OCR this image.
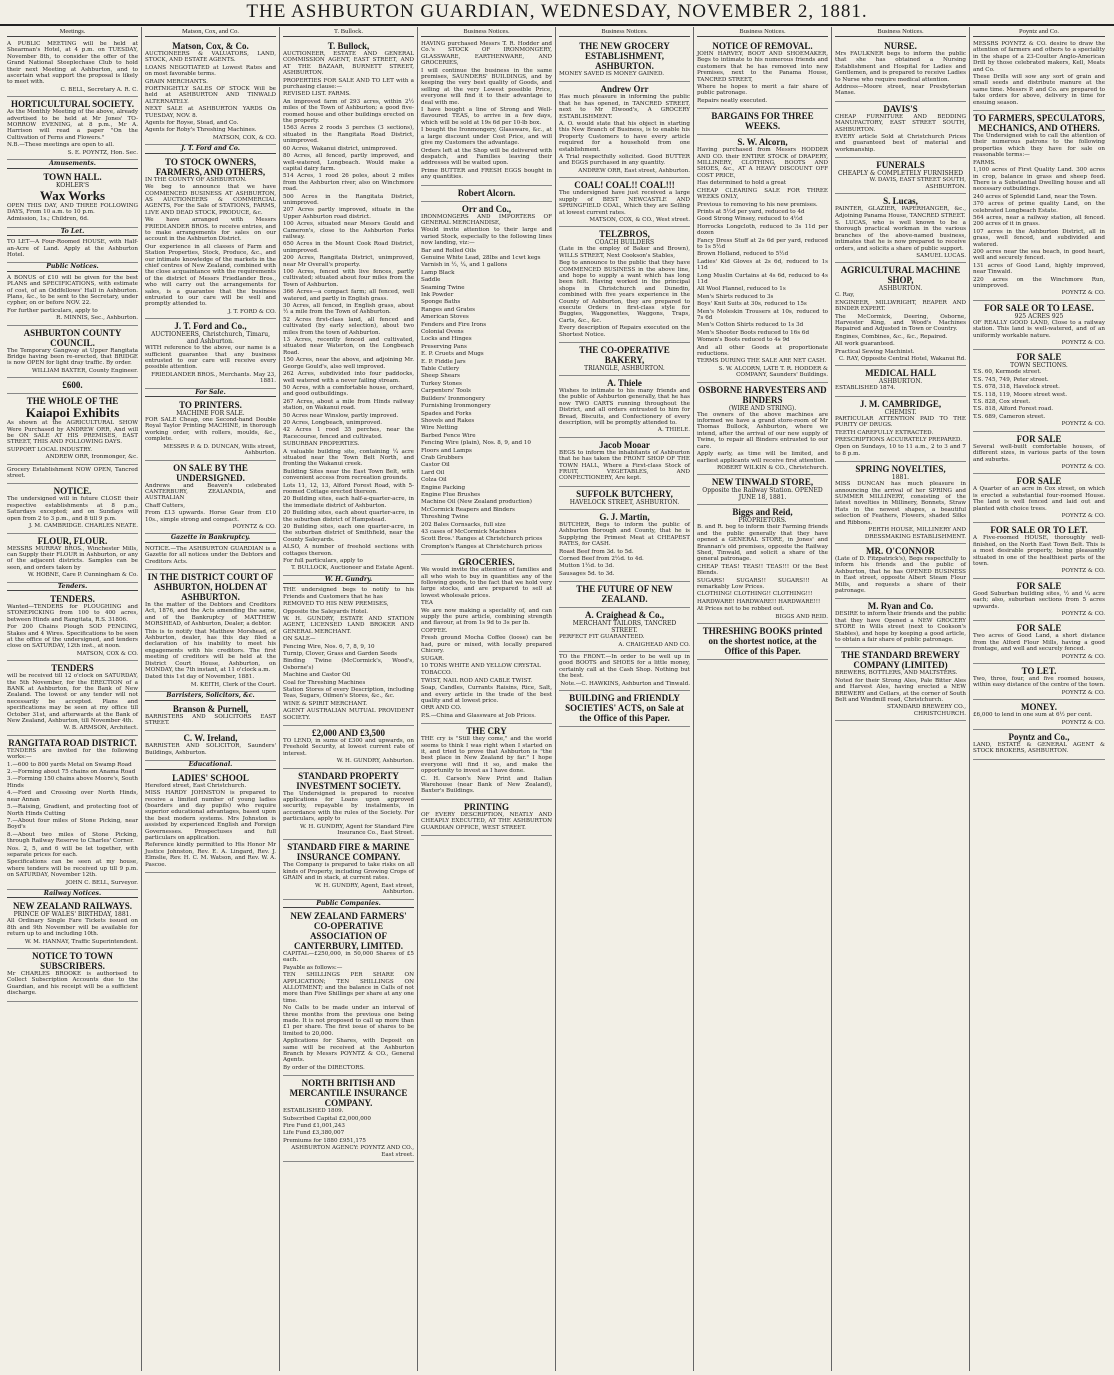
THE ASHBURTON GUARDIAN, WEDNESDAY, NOVEMBER 2, 1881.
Meetings.

A PUBLIC MEETING will be held at Shearman's Hotel, at 4 p.m. on TUESDAY, November 8th, to consider the offer of the Grand National Steeplechase Club to hold their next Meeting at Ashburton, and to ascertain what support the proposal is likely to meet with.

C. BELL, Secretary A. R. C.
HORTICULTURAL SOCIETY.

As the Monthly Meeting of the above, already advertised to be held at Mr Jones' TO-MORROW EVENING, at 8 p.m., Mr A. Harrison will read a paper "On the Cultivation of Ferns and Flowers."

N.B.—These meetings are open to all.

S. E. POYNTZ, Hon. Sec.
Amusements.
TOWN HALL.
KOHLER'S
Wax Works

OPEN THIS DAY, AND THREE FOLLOWING DAYS, From 10 a.m. to 10 p.m.

Admission, 1s.; Children, 6d.

To Let.

TO LET—A Four-Roomed HOUSE, with Half-an-Acre of Land. Apply at the Ashburton Hotel.

Public Notices.

A BONUS of £10 will be given for the best PLANS and SPECIFICATIONS, with estimate of cost, of an Oddfellows' Hall in Ashburton. Plans, &c., to be sent to the Secretary, under cypher, on or before NOV. 22.

For further particulars, apply to

R. MINNIS, Sec., Ashburton.
ASHBURTON COUNTY COUNCIL.

The Temporary Gangway at Upper Rangitata Bridge having been re-erected, that BRIDGE is now OPEN for light dray traffic. By order.

WILLIAM BAXTER, County Engineer.
£600.
THE WHOLE OF THE
Kaiapoi Exhibits

As shown at the AGRICULTURAL SHOW Were Purchased by ANDREW ORR, And will be ON SALE AT HIS PREMISES, EAST STREET, THIS AND FOLLOWING DAYS.

SUPPORT LOCAL INDUSTRY.

ANDREW ORR, Ironmonger, &c.

Grocery Establishment NOW OPEN, Tancred street.

NOTICE.

The undersigned will in future CLOSE their respective establishments at 8 p.m., Saturdays excepted; and on Sundays will open from 2 to 3 p.m., and 8 till 9 p.m.

J. M. CAMBRIDGE. CHARLES NEATE.
FLOUR, FLOUR.

MESSRS MURRAY BROS., Winchester Mills, can Supply their FLOUR in Ashburton, or any of the adjacent districts. Samples can be seen, and orders taken by

W. HOBNE, Care P. Cunningham & Co.
Tenders.
TENDERS.

Wanted—TENDERS for PLOUGHING and STONEPICKING from 100 to 400 acres, between Hinds and Rangitata, R.S. 31806.

For 200 Chains Plough SOD FENCING, Stakes and 4 Wires. Specifications to be seen at the office of the undersigned, and tenders close on SATURDAY, 12th inst., at noon.

MATSON, COX & CO.
TENDERS

will be received till 12 o'clock on SATURDAY, the 5th November, for the ERECTION of a BANK at Ashburton, for the Bank of New Zealand. The lowest or any tender will not necessarily be accepted. Plans and specifications may be seen at my office till October 31st, and afterwards at the Bank of New Zealand, Ashburton, till November 4th.

W. B. ARMSON, Architect.
RANGITATA ROAD DISTRICT.

TENDERS are invited for the following works:—

1.—600 to 800 yards Metal on Swamp Road

2.—Forming about 75 chains on Anama Road

3.—Forming 150 chains above Moore's, South Hinds

4.—Ford and Crossing over North Hinds, near Annan

5.—Raising, Gradient, and protecting foot of North Hinds Cutting

7.—About four miles of Stone Picking, near Boyd's

8.—About two miles of Stone Picking, through Railway Reserve to Charles' Corner.

Nos. 2, 5, and 6 will be let together, with separate prices for each.

Specifications can be seen at my house, where tenders will be received up till 9 p.m. on SATURDAY, November 12th.

JOHN C. BELL, Surveyor.
Railway Notices.
NEW ZEALAND RAILWAYS.
PRINCE OF WALES' BIRTHDAY, 1881.

All Ordinary Single Fare Tickets issued on 8th and 9th November will be available for return up to and including 10th.

W. M. HANNAY, Traffic Superintendent.
NOTICE TO TOWN SUBSCRIBERS.

Mr CHARLES BROOKE is authorised to Collect Subscription Accounts due to the Guardian, and his receipt will be a sufficient discharge.

Matson, Cox, and Co.
Matson, Cox, & Co.

AUCTIONEERS & VALUATORS, LAND, STOCK, AND ESTATE AGENTS.

LOANS NEGOTIATED at Lowest Rates and on most favorable terms.

GRAIN MERCHANTS.

FORTNIGHTLY SALES OF STOCK Will be held at ASHBURTON AND TINWALD ALTERNATELY.

NEXT SALE at ASHBURTON YARDS On TUESDAY, NOV. 8.

Agents for Royse, Stead, and Co.

Agents for Roby's Threshing Machines.

MATSON, COX, & CO.
J. T. Ford and Co.
TO STOCK OWNERS, FARMERS, AND OTHERS,

IN THE COUNTY OF ASHBURTON.

We beg to announce that we have COMMENCED BUSINESS AT ASHBURTON, AS AUCTIONEERS & COMMERCIAL AGENTS, For the Sale of STATIONS, FARMS, LIVE AND DEAD STOCK, PRODUCE, &c.

We have arranged with Messrs FRIEDLANDER BROS. to receive entries, and to make arrangements for sales on our account in the Ashburton District.

Our experience in all classes of Farm and Station Properties, Stock, Produce, &c., and our intimate knowledge of the markets in the chief centres of New Zealand, combined with the close acquaintance with the requirements of the district of Messrs Friedlander Bros., who will carry out the arrangements for sales, is a guarantee that the business entrusted to our care will be well and promptly attended to.

J. T. FORD & CO.
J. T. Ford and Co.,
AUCTIONEERS, Christchurch, Timaru, and Ashburton.

WITH reference to the above, our name is a sufficient guarantee that any business entrusted to our care will receive every possible attention.

FRIEDLANDER BROS., Merchants. May 23, 1881.
For Sale.
TO PRINTERS.
MACHINE FOR SALE.

FOR SALE Cheap, one Second-hand Double Royal Taylor Printing MACHINE, in thorough working order, with rollers, moulds, &c., complete.

MESSRS P. & D. DUNCAN, Wills street, Ashburton.
ON SALE BY THE UNDERSIGNED.

Andrews and Beaven's celebrated CANTERBURY, ZEALANDIA, and AUSTRALIAN

Chaff Cutters,

From £13 upwards. Horse Gear from £10 10s., simple strong and compact.

POYNTZ & CO.
Gazette in Bankruptcy.

NOTICE.—The ASHBURTON GUARDIAN is a Gazette for all notices under the Debtors and Creditors Acts.

IN THE DISTRICT COURT OF ASHBURTON, HOLDEN AT ASHBURTON.

In the matter of the Debtors and Creditors Act, 1876, and the Acts amending the same, and of the Bankruptcy of MATTHEW MORSHEAD, of Ashburton, Dealer, a debtor.

This is to notify that Matthew Morshead, of Ashburton, dealer, has this day filed a declaration of his inability to meet his engagements with his creditors. The first meeting of creditors will be held at the District Court House, Ashburton, on MONDAY, the 7th instant, at 11 o'clock a.m.

Dated this 1st day of November, 1881.

M. KEITH, Clerk of the Court.
Barristers, Solicitors, &c.
Branson & Purnell,

BARRISTERS AND SOLICITORS EAST STREET.

C. W. Ireland,

BARRISTER AND SOLICITOR, Saunders' Buildings, Ashburton.

Educational.
LADIES' SCHOOL

Hereford street, East Christchurch.

MISS HARDY JOHNSTON is prepared to receive a limited number of young ladies (boarders and day pupils) who require superior educational advantages, based upon the best modern systems. Mrs Johnston is assisted by experienced English and Foreign Governesses. Prospectuses and full particulars on application.

Reference kindly permitted to His Honor Mr Justice Johnston, Rev. E. A. Lingard, Rev. J. Elmslie, Rev. H. C. M. Watson, and Rev. W. A. Pascoe.

T. Bullock.
T. Bullock,

AUCTIONEER, ESTATE AND GENERAL COMMISSION AGENT, EAST STREET, AND AT THE BAZAAR, BURNETT STREET, ASHBURTON.

PROPERTIES FOR SALE AND TO LET with a purchasing clause:—

REVISED LIST. FARMS.

An improved farm of 293 acres, within 2½ miles of the Town of Ashburton; a good five-roomed house and other buildings erected on the property.

1563 Acres 2 roods 3 perches (3 sections), situated in the Rangitata Road District, unimproved.

60 Acres, Wakanui district, unimproved.

80 Acres, all fenced, partly improved, and well-watered, Longbeach. Would make a capital dairy farm.

514 Acres, 1 rood 26 poles, about 2 miles from the Ashburton river, also on Winchmore road.

500 Acres in the Rangitata District, unimproved.

207 Acres partly improved, situate in the Upper Ashburton road district.

100 Acres, situated near Messrs Gould and Cameron's, close to the Ashburton Forks railway.

650 Acres in the Mount Cook Road District, unimproved.

200 Acres, Rangitata District, unimproved, near Mr Overall's property.

100 Acres, fenced with live fences, partly cultivated; situated about four miles from the Town of Ashburton.

366 Acres—a compact farm; all fenced, well watered, and partly in English grass.

30 Acres, all fenced, in English grass, about ½ a mile from the Town of Ashburton.

52 Acres first-class land, all fenced and cultivated (by early selection), about two miles from the town of Ashburton.

13 Acres, recently fenced and cultivated, situated near Waterton, on the Longbeach Road.

150 Acres, near the above, and adjoining Mr. George Gould's, also well improved.

262 Acres, subdivided into four paddocks, well watered with a never failing stream.

50 Acres, with a comfortable house, orchard, and good outbuildings.

267 Acres, about a mile from Hinds railway station, on Wakanui road.

50 Acres near Winslow, partly improved.

20 Acres, Longbeach, unimproved.

42 Acres 1 rood 35 perches, near the Racecourse, fenced and cultivated.

SUBURBAN PROPERTIES.

A valuable building site, containing ¼ acre situated near the Town Belt North, and fronting the Wakanui creek.

Building Sites near the East Town Belt, with convenient access from recreation grounds.

Lots 11, 12, 13, Alford Forest Road, with 5-roomed Cottage erected thereon.

20 Building sites, each half-a-quarter-acre, in the immediate district of Ashburton.

20 Building sites, each about quarter-acre, in the suburban district of Hampstead.

20 Building sites, each one quarter-acre, in the suburban district of Smithfield, near the County Saleyards.

ALSO, A number of freehold sections with cottages thereon.

For full particulars, apply to

T. BULLOCK, Auctioneer and Estate Agent.
W. H. Gundry.

THE undersigned begs to notify to his Friends and Customers that he has

REMOVED TO HIS NEW PREMISES,

Opposite the Saleyards Hotel.

W. H. GUNDRY, ESTATE AND STATION AGENT, LICENSED LAND BROKER AND GENERAL MERCHANT.

ON SALE—

Fencing Wire, Nos. 6, 7, 8, 9, 10

Turnip, Clover, Grass and Garden Seeds

Binding Twine (McCormick's, Wood's, Osborne's)

Machine and Castor Oil

Coal for Threshing Machines

Station Stores of every Description, including Teas, Sugars, Oilmen's Stores, &c., &c.

WINE & SPIRIT MERCHANT.

AGENT AUSTRALIAN MUTUAL PROVIDENT SOCIETY.

£2,000 AND £3,500

TO LEND, in sums of £300 and upwards, on Freehold Security, at lowest current rate of interest.

W. H. GUNDRY, Ashburton.
STANDARD PROPERTY INVESTMENT SOCIETY.

The Undersigned is prepared to receive applications for Loans upon approved security, repayable by instalments, in accordance with the rules of the Society. For particulars, apply to

W. H. GUNDRY, Agent for Standard Fire Insurance Co., East Street.
STANDARD FIRE & MARINE INSURANCE COMPANY.

The Company is prepared to take risks on all kinds of Property, including Growing Crops of GRAIN and in stack, at current rates.

W. H. GUNDRY, Agent, East street, Ashburton.
Public Companies.
NEW ZEALAND FARMERS' CO-OPERATIVE ASSOCIATION OF CANTERBURY, LIMITED.

CAPITAL—£250,000, in 50,000 Shares of £5 each.

Payable as follows:—

TEN SHILLINGS PER SHARE ON APPLICATION; TEN SHILLINGS ON ALLOTMENT; and the balance in Calls of not more than Five Shillings per share at any one time.

No Calls to be made under an interval of three months from the previous one being made. It is not proposed to call up more than £1 per share. The first issue of shares to be limited to 20,000.

Applications for Shares, with Deposit on same will be received at the Ashburton Branch by Messrs POYNTZ & CO., General Agents.

By order of the DIRECTORS.

NORTH BRITISH AND MERCANTILE INSURANCE COMPANY.

ESTABLISHED 1809.

Subscribed Capital £2,000,000

Fire Fund £1,001,243

Life Fund £3,380,007

Premiums for 1880 £951,175

ASHBURTON AGENCY: POYNTZ AND CO., East street.
Business Notices.

HAVING purchased Messrs T. R. Hodder and Co.'s STOCK OF IRONMONGERY, GLASSWARE, EARTHENWARE, AND GROCERIES,

I will continue the business in the same premises, SAUNDERS' BUILDINGS, and by keeping the very best quality of Goods, and selling at the very Lowest possible Price, everyone will find it to their advantage to deal with me.

I have bought a line of Strong and Well-flavoured TEAS, to arrive in a few days, which will be sold at 19s 6d per 10-lb box.

I bought the Ironmongery, Glassware, &c., at a large discount under Cost Price, and will give my Customers the advantage.

Orders left at the Shop will be delivered with despatch, and Families leaving their addresses will be waited upon.

Prime BUTTER and FRESH EGGS bought in any quantities.

Robert Alcorn.
Orr and Co.,

IRONMONGERS AND IMPORTERS OF GENERAL MERCHANDISE,

Would invite attention to their large and varied Stock, especially to the following lines now landing, viz:—

Bar and Rolled Oils

Genuine White Lead, 28lbs and 1cwt kegs

Varnish in ½, ¼, and 1 gallons

Lamp Black

Saddle

Seaming Twine

Ink Powder

Sponge Baths

Ranges and Grates

American Stoves

Fenders and Fire Irons

Colonial Ovens

Locks and Hinges

Preserving Pans

E. P. Cruets and Mugs

E. P. Fiddle Jars

Table Cutlery

Sheep Shears

Turkey Stones

Carpenters' Tools

Builders' Ironmongery

Furnishing Ironmongery

Spades and Forks

Shovels and Rakes

Wire Netting

Barbed Fence Wire

Fencing Wire (plain), Nos. 8, 9, and 10

Floors and Lamps

Crab Grubbers

Castor Oil

Lard Oil

Colza Oil

Engine Packing

Engine Flue Brushes

Machine Oil (New Zealand production)

McCormick Reapers and Binders

Threshing Twine

202 Bales Cornsacks, full size

43 cases of McCormick Machines

Scott Bros.' Ranges at Christchurch prices

Crompton's Ranges at Christchurch prices

GROCERIES.

We would invite the attention of families and all who wish to buy in quantities any of the following goods, to the fact that we hold very large stocks, and are prepared to sell at lowest wholesale prices.

TEA

We are now making a speciality of, and can supply the pure article, combining strength and flavour, at from 1s 9d to 3s per lb.

COFFEE.

Fresh ground Mocha Coffee (loose) can be had, pure or mixed, with locally prepared Chicory.

SUGAR.

10 TONS WHITE AND YELLOW CRYSTAL

TOBACCO.

TWIST, NAIL ROD AND CABLE TWIST.

Soap, Candles, Currants Raisins, Rice, Salt, and every article in the trade of the best quality and at lowest price.

ORR AND CO.

P.S.—China and Glassware at Job Prices.

THE CRY

THE cry is "Still they come," and the world seems to think I was right when I started on it, and tried to prove that Ashburton is "the best place in New Zealand by far." I hope everyone will find it so, and make the opportunity to invest as I have done.

C. H. Carson's New Print and Italian Warehouse (near Bank of New Zealand), Baxter's Buildings.

PRINTING

OF EVERY DESCRIPTION, NEATLY AND CHEAPLY EXECUTED, AT THE ASHBURTON GUARDIAN OFFICE, WEST STREET.

Business Notices.
THE NEW GROCERY ESTABLISHMENT, ASHBURTON.

MONEY SAVED IS MONEY GAINED.

Andrew Orr

Has much pleasure in informing the public that he has opened, in TANCRED STREET, next to Mr Elwood's, A GROCERY ESTABLISHMENT.

A. O. would state that his object in starting this New Branch of Business, is to enable his Property Customers to have every article required for a household from one establishment.

A Trial respectfully solicited. Good BUTTER and EGGS purchased in any quantity.

ANDREW ORR, East street, Ashburton.
COAL! COAL!! COAL!!!

The undersigned have just received a large supply of BEST NEWCASTLE AND SPRINGFIELD COAL, Which they are Selling at lowest current rates.

MATSON, COX, & CO., West street.
TELZBROS,
COACH BUILDERS

(Late in the employ of Baker and Brown), WILLS STREET, Next Cookson's Stables,

Beg to announce to the public that they have COMMENCED BUSINESS in the above line, and hope to supply a want which has long been felt. Having worked in the principal shops in Christchurch and Dunedin, combined with five years experience in the County of Ashburton, they are prepared to execute Orders in first-class style for Buggies, Waggonettes, Waggons, Traps, Carts, &c., &c.

Every description of Repairs executed on the Shortest Notice.

THE CO-OPERATIVE BAKERY,
TRIANGLE, ASHBURTON.
A. Thiele

Wishes to intimate to his many friends and the public of Ashburton generally, that he has now TWO CARTS running throughout the District, and all orders entrusted to him for Bread, Biscuits, and Confectionery of every description, will be promptly attended to.

A. THIELE.
Jacob Mooar

BEGS to inform the inhabitants of Ashburton that he has taken the FRONT SHOP OF THE TOWN HALL, Where a First-class Stock of FRUIT, VEGETABLES, AND CONFECTIONERY, Are kept.

SUFFOLK BUTCHERY,
HAVELOCK STREET, ASHBURTON.
G. J. Martin,

BUTCHER, Begs to inform the public of Ashburton Borough and County, that he is Supplying the Primest Meat at CHEAPEST RATES, for CASH.

Roast Beef from 3d. to 5d.

Corned Beef from 2½d. to 4d.

Mutton 1½d. to 3d.

Sausages 5d. to 3d.

THE FUTURE OF NEW ZEALAND.
A. Craighead & Co.,
MERCHANT TAILORS, TANCRED STREET.

PERFECT FIT GUARANTEED.

A. CRAIGHEAD AND CO.

TO the FRONT.—In order to be well up in good BOOTS and SHOES for a little money, certainly call at the Cash Shop. Nothing but the best.

Note.—C. HAWKINS, Ashburton and Tinwald.
BUILDING and FRIENDLY SOCIETIES' ACTS, on Sale at the Office of this Paper.
Business Notices.
NOTICE OF REMOVAL.

JOHN HARVEY, BOOT AND SHOEMAKER, Begs to intimate to his numerous friends and customers that he has removed into new Premises, next to the Panama House, TANCRED STREET,

Where he hopes to merit a fair share of public patronage.

Repairs neatly executed.

BARGAINS FOR THREE WEEKS.
S. W. Alcorn,

Having purchased from Messrs HODDER AND CO. their ENTIRE STOCK of DRAPERY, MILLINERY, CLOTHING, BOOTS AND SHOES, &c., AT A HEAVY DISCOUNT OFF COST PRICE,

Has determined to hold a great

CHEAP CLEARING SALE FOR THREE WEEKS ONLY,

Previous to removing to his new premises.

Prints at 5½d per yard, reduced to 4d

Good Strong Winsey, reduced to 4½d

Horrocks Longcloth, reduced to 3s 11d per dozen

Fancy Dress Stuff at 2s 6d per yard, reduced to 1s 5½d

Brown Holland, reduced to 5½d

Ladies' Kid Gloves at 2s 6d, reduced to 1s 11d

Long Muslin Curtains at 4s 6d, reduced to 4s 11d

All Wool Flannel, reduced to 1s

Men's Shirts reduced to 3s

Boys' Knit Suits at 30s, reduced to 15s

Men's Moleskin Trousers at 10s, reduced to 7s 6d

Men's Cotton Shirts reduced to 1s 3d

Men's Shooter Boots reduced to 16s 6d

Women's Boots reduced to 4s 9d

And all other Goods at proportionate reductions.

TERMS DURING THE SALE ARE NET CASH.

S. W. ALCORN, LATE T. R. HODDER & COMPANY, Saunders' Buildings.
OSBORNE HARVESTERS AND BINDERS
(WIRE AND STRING).

The owners of the above machines are informed we have a grand store-room of Mr Thomas Bullock, Ashburton, where we intend, after the arrival of our new supply of Twine, to repair all Binders entrusted to our care.

Apply early, as time will be limited, and earliest applicants will receive first attention.

ROBERT WILKIN & CO., Christchurch.
NEW TINWALD STORE,
Opposite the Railway Station. OPENED JUNE 18, 1881.
Biggs and Reid,
PROPRIETORS.

B. and R. beg to inform their Farming friends and the public generally that they have opened a GENERAL STORE, in Jones' and Brannan's old premises, opposite the Railway Shed, Tinwald, and solicit a share of the general patronage.

CHEAP TEAS! TEAS!! TEAS!!! Of the Best Blends.

SUGARS! SUGARS!! SUGARS!!! At remarkably Low Prices.

CLOTHING! CLOTHING!! CLOTHING!!!

HARDWARE! HARDWARE!! HARDWARE!!!

At Prices not to be robbed out.

BIGGS AND REID.
THRESHING BOOKS printed on the shortest notice, at the Office of this Paper.
Business Notices.
NURSE.

Mrs FAULKNER begs to inform the public that she has obtained a Nursing Establishment and Hospital for Ladies and Gentlemen, and is prepared to receive Ladies to Nurse who require medical attention.

Address—Moore street, near Presbyterian Manse.

DAVIS'S

CHEAP FURNITURE AND BEDDING MANUFACTORY, EAST STREET SOUTH, ASHBURTON.

EVERY article Sold at Christchurch Prices and guaranteed best of material and workmanship.

FUNERALS
CHEAPLY & COMPLETELY FURNISHED
W. DAVIS, EAST STREET SOUTH, ASHBURTON.
S. Lucas,

PAINTER, GLAZIER, PAPERHANGER, &c., Adjoining Panama House, TANCRED STREET.

S. LUCAS, who is well known to be a thorough practical workman in the various branches of the above-named business, intimates that he is now prepared to receive orders, and solicits a share of public support.

SAMUEL LUCAS.
AGRICULTURAL MACHINE SHOP,
ASHBURTON.

C. Ray,

ENGINEER, MILLWRIGHT, REAPER AND BINDER EXPERT.

The McCormick, Deering, Osborne, Harvester King, and Wood's Machines Repaired and Adjusted in Town or Country.

Engines, Combines, &c., &c., Repaired.

All work guaranteed.

Practical Sewing Machinist.

C. RAY, Opposite Central Hotel, Wakanui Rd.
MEDICAL HALL
ASHBURTON.

ESTABLISHED 1874.

J. M. CAMBRIDGE,
CHEMIST.

PARTICULAR ATTENTION PAID TO THE PURITY OF DRUGS.

TEETH CAREFULLY EXTRACTED.

PRESCRIPTIONS ACCURATELY PREPARED.

Open on Sundays, 10 to 11 a.m., 2 to 3 and 7 to 8 p.m.

SPRING NOVELTIES,
1881.

MISS DUNCAN has much pleasure in announcing the arrival of her SPRING and SUMMER MILLINERY, consisting of the latest novelties in Millinery, Bonnets, Straw Hats in the newest shapes, a beautiful selection of Feathers, Flowers, shaded Silks and Ribbons.

PERTH HOUSE, MILLINERY AND DRESSMAKING ESTABLISHMENT.
MR. O'CONNOR

(Late of D. Fitzpatrick's), Begs respectfully to inform his friends and the public of Ashburton, that he has OPENED BUSINESS in East street, opposite Albert Steam Flour Mills, and requests a share of their patronage.

M. Ryan and Co.

DESIRE to inform their friends and the public that they have Opened a NEW GROCERY STORE in Wills street (next to Cookson's Stables), and hope by keeping a good article, to obtain a fair share of public patronage.

THE STANDARD BREWERY COMPANY (LIMITED)

BREWERS, BOTTLERS, AND MALTSTERS.

Noted for their Strong Ales, Pale Bitter Ales and Harvest Ales, having erected a NEW BREWERY and Cellars, at the corner of South Belt and Windmill road, Christchurch.

STANDARD BREWERY CO., CHRISTCHURCH.
Poyntz and Co.

MESSRS POYNTZ & CO. desire to draw the attention of farmers and others to a speciality in the shape of a 23-Coulter Anglo-American Drill by those celebrated makers, Kell, Meats and Co.

These Drills will sow any sort of grain and small seeds and distribute manure at the same time. Messrs P. and Co. are prepared to take orders for above, delivery in time for ensuing season.

TO FARMERS, SPECULATORS, MECHANICS, AND OTHERS.

The Undersigned wish to call the attention of their numerous patrons to the following properties which they have for sale on reasonable terms:—

FARMS.

1,100 acres of First Quality Land. 300 acres in crop, balance in grass and sheep feed. There is a Substantial Dwelling house and all necessary outbuildings.

240 acres of Splendid Land, near the Town.

370 acres of prime quality Land, on the celebrated Longbeach Estate.

564 acres, near a railway station, all fenced. 200 acres of it in grass.

107 acres in the Ashburton District, all in grass, well fenced, and subdivided and watered.

200 acres near the sea beach, in good heart, well and securely fenced.

131 acres of Good Land, highly improved, near Tinwald.

220 acres on the Winchmore Run, unimproved.

POYNTZ & CO.
FOR SALE OR TO LEASE.
925 ACRES 925

OF REALLY GOOD LAND, Close to a railway station. This land is well-watered, and of an uniformly workable nature.

POYNTZ & CO.
FOR SALE
TOWN SECTIONS.

T.S. 60, Kermode street.

T.S. 745, 749, Peter street.

T.S. 678, 318, Havelock street.

T.S. 118, 119, Moore street west.

T.S. 828, Cox street.

T.S. 818, Alford Forest road.

T.S. 689, Cameron street.

POYNTZ & CO.
FOR SALE

Several well-built comfortable houses, of different sizes, in various parts of the town and suburbs.

POYNTZ & CO.
FOR SALE

A Quarter of an acre in Cox street, on which is erected a substantial four-roomed House. The land is well fenced and laid out and planted with choice trees.

POYNTZ & CO.
FOR SALE OR TO LET.

A Five-roomed HOUSE, thoroughly well-finished, on the North East Town Belt. This is a most desirable property, being pleasantly situated in one of the healthiest parts of the town.

POYNTZ & CO.
FOR SALE

Good Suburban building sites, ½ and ¼ acre each; also, suburban sections from 5 acres upwards.

POYNTZ & CO.
FOR SALE

Two acres of Good Land, a short distance from the Alford Flour Mills, having a good frontage, and well and securely fenced.

POYNTZ & CO.
TO LET.

Two, three, four, and five roomed houses, within easy distance of the centre of the town.

POYNTZ & CO.
MONEY.

£6,000 to lend in one sum at 6½ per cent.

POYNTZ & CO.
Poyntz and Co.,

LAND, ESTATE & GENERAL AGENT & STOCK BROKERS, ASHBURTON.
